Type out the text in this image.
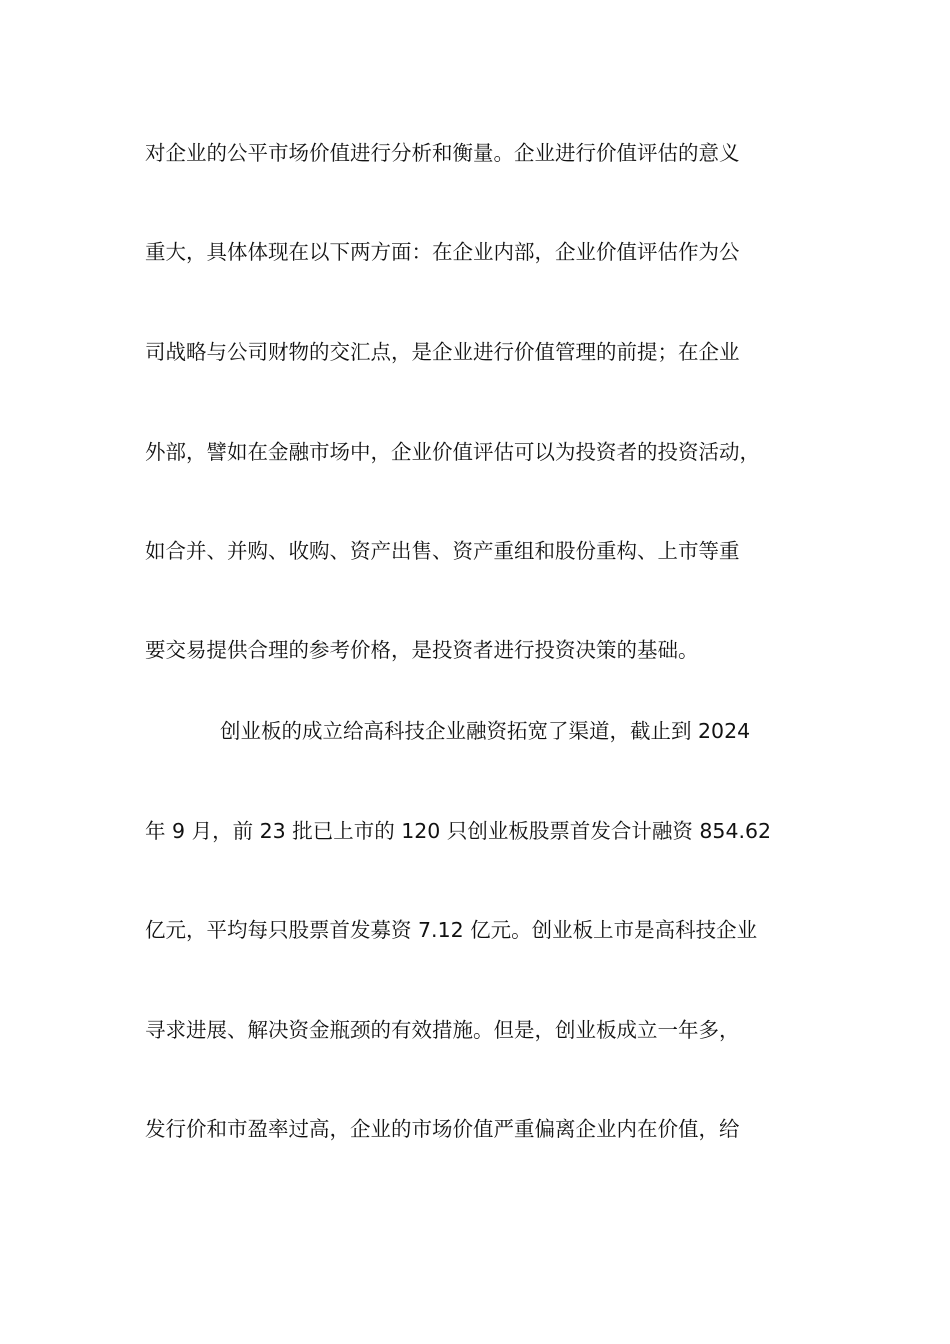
对企业的公平市场价值进行分析和衡量。企业进行价值评估的意义
重大，具体体现在以下两方面：在企业内部，企业价值评估作为公
司战略与公司财物的交汇点，是企业进行价值管理的前提；在企业
外部，譬如在金融市场中，企业价值评估可以为投资者的投资活动，
如合并、并购、收购、资产出售、资产重组和股份重构、上市等重
要交易提供合理的参考价格，是投资者进行投资决策的基础。
创业板的成立给高科技企业融资拓宽了渠道，截止到 2024
年 9 月，前 23 批已上市的 120 只创业板股票首发合计融资 854.62
亿元，平均每只股票首发募资 7.12 亿元。创业板上市是高科技企业
寻求进展、解决资金瓶颈的有效措施。但是，创业板成立一年多，
发行价和市盈率过高，企业的市场价值严重偏离企业内在价值，给
